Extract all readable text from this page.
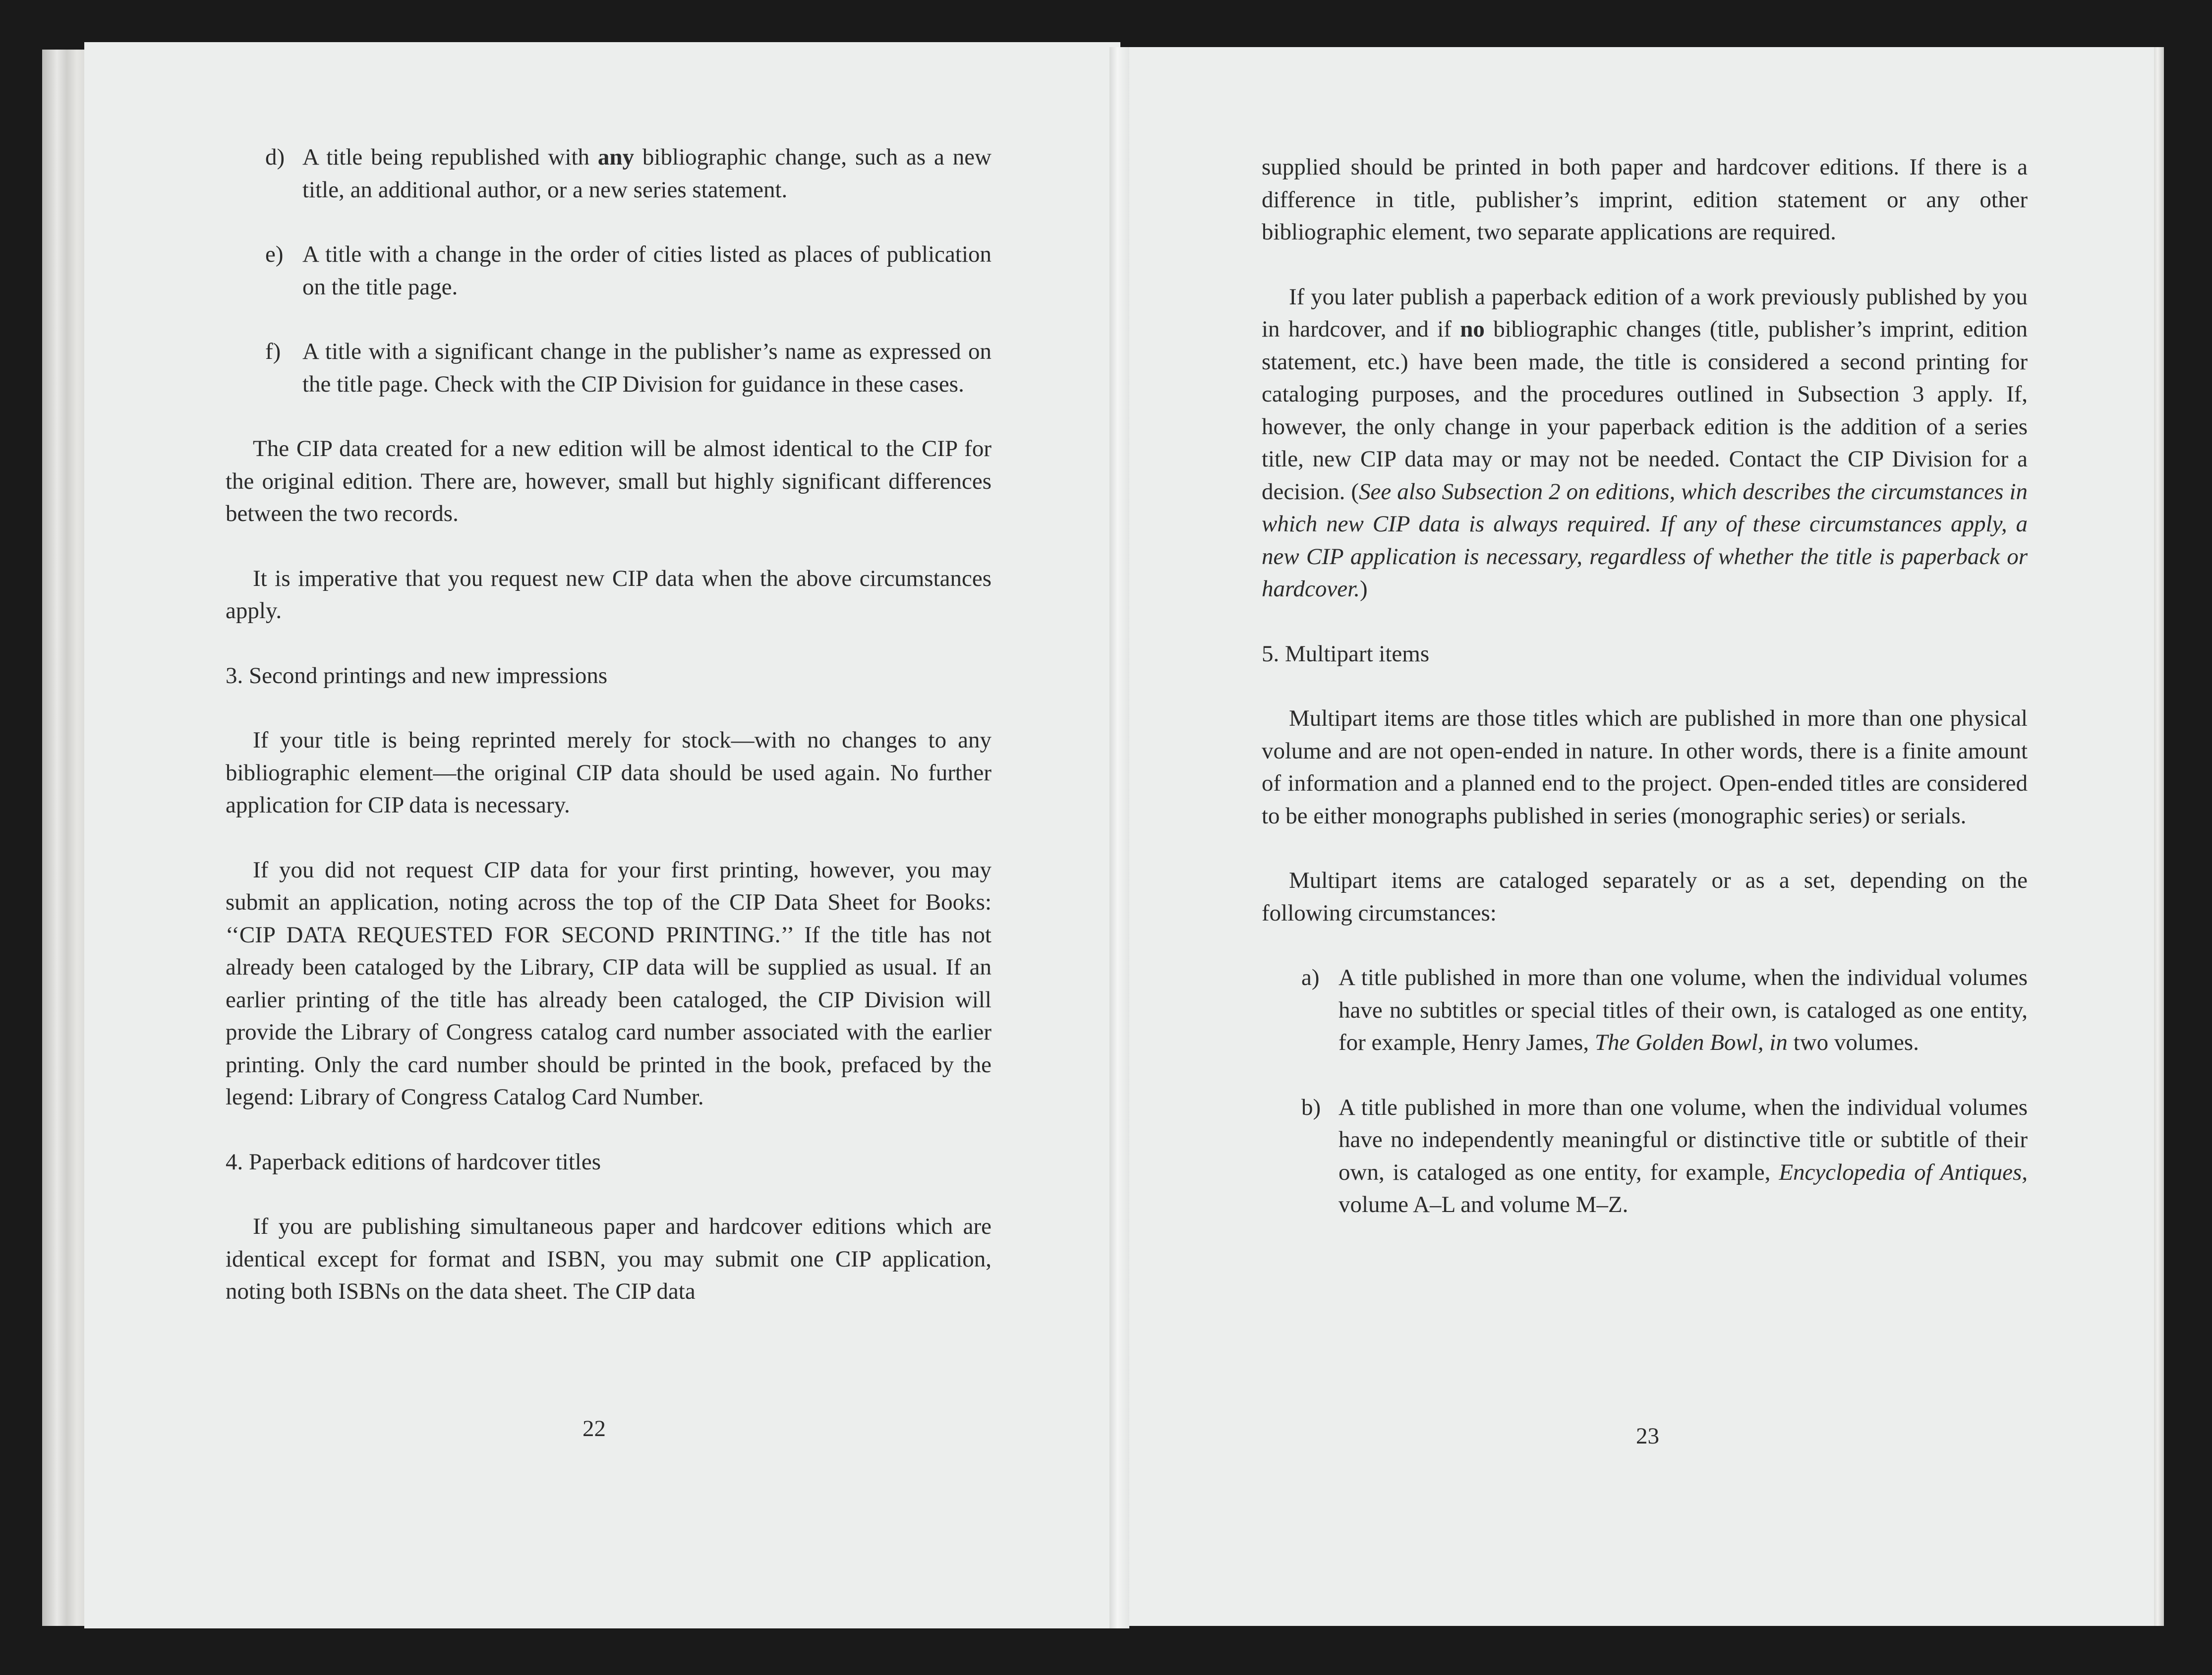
d) A title being republished with any bibliographic change, such as a new title, an additional author, or a new series statement.
e) A title with a change in the order of cities listed as places of publication on the title page.
f) A title with a significant change in the publisher’s name as expressed on the title page. Check with the CIP Division for guidance in these cases.

The CIP data created for a new edition will be almost identical to the CIP for the original edition. There are, however, small but highly significant differences between the two records.

It is imperative that you request new CIP data when the above circumstances apply.

3. Second printings and new impressions

If your title is being reprinted merely for stock—with no changes to any bibliographic element—the original CIP data should be used again. No further application for CIP data is necessary.

If you did not request CIP data for your first printing, however, you may submit an application, noting across the top of the CIP Data Sheet for Books: ‘‘CIP DATA REQUESTED FOR SECOND PRINTING.’’ If the title has not already been cataloged by the Library, CIP data will be supplied as usual. If an earlier printing of the title has already been cataloged, the CIP Division will provide the Library of Congress catalog card number associated with the earlier printing. Only the card number should be printed in the book, prefaced by the legend: Library of Congress Catalog Card Number.

4. Paperback editions of hardcover titles

If you are publishing simultaneous paper and hardcover editions which are identical except for format and ISBN, you may submit one CIP application, noting both ISBNs on the data sheet. The CIP data

22

supplied should be printed in both paper and hardcover editions. If there is a difference in title, publisher’s imprint, edition statement or any other bibliographic element, two separate applications are required.

If you later publish a paperback edition of a work previously published by you in hardcover, and if no bibliographic changes (title, publisher’s imprint, edition statement, etc.) have been made, the title is considered a second printing for cataloging purposes, and the procedures outlined in Subsection 3 apply. If, however, the only change in your paperback edition is the addition of a series title, new CIP data may or may not be needed. Contact the CIP Division for a decision. (See also Subsection 2 on editions, which describes the circumstances in which new CIP data is always required. If any of these circumstances apply, a new CIP application is necessary, regardless of whether the title is paperback or hardcover.)

5. Multipart items

Multipart items are those titles which are published in more than one physical volume and are not open-ended in nature. In other words, there is a finite amount of information and a planned end to the project. Open-ended titles are considered to be either monographs published in series (monographic series) or serials.

Multipart items are cataloged separately or as a set, depending on the following circumstances:

a) A title published in more than one volume, when the individual volumes have no subtitles or special titles of their own, is cataloged as one entity, for example, Henry James, The Golden Bowl, in two volumes.
b) A title published in more than one volume, when the individual volumes have no independently meaningful or distinctive title or subtitle of their own, is cataloged as one entity, for example, Encyclopedia of Antiques, volume A–L and volume M–Z.
23
